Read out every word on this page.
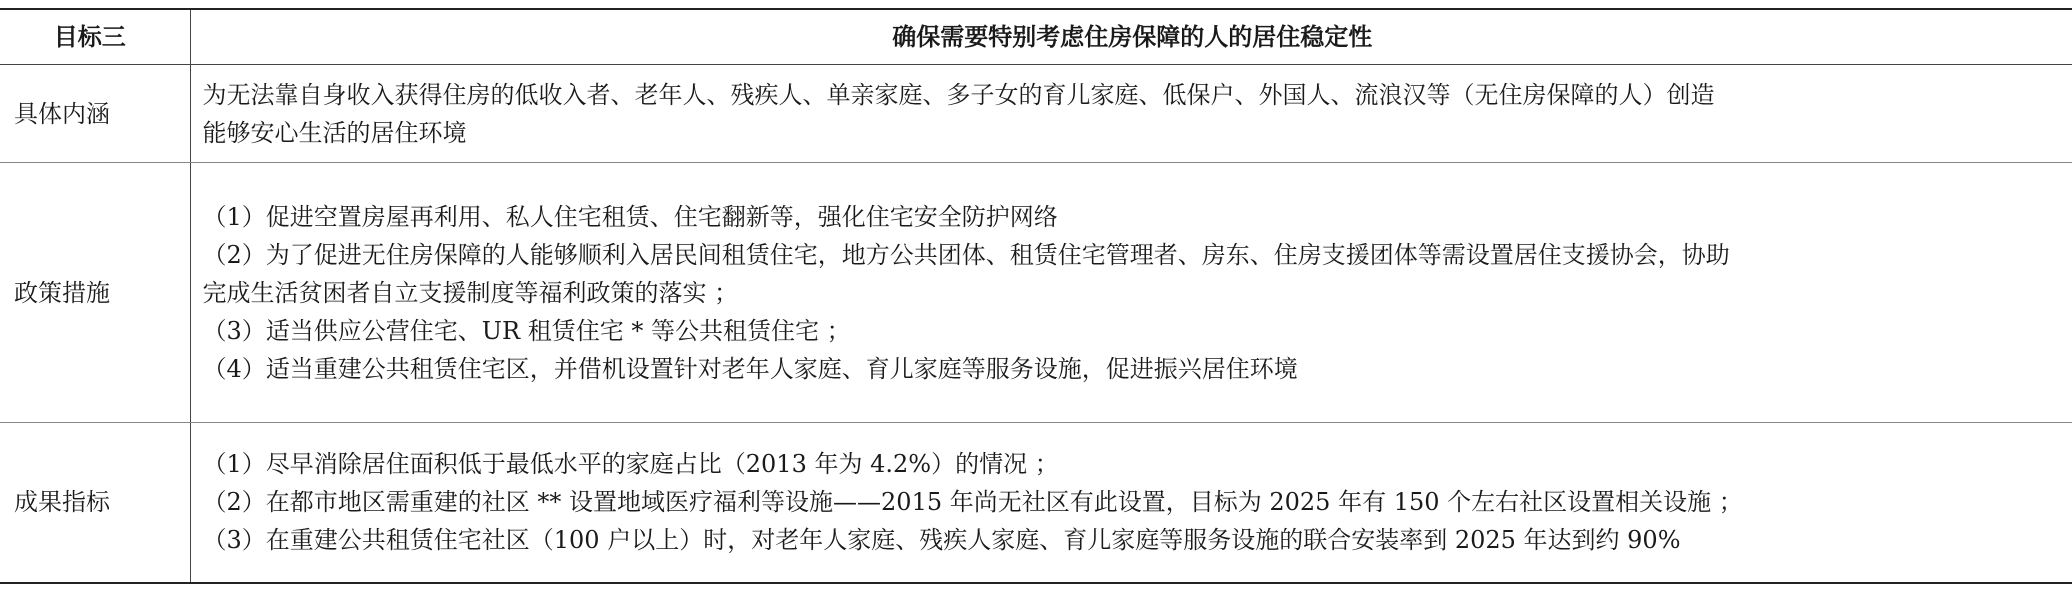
目标三	确保需要特别考虑住房保障的人的居住稳定性
具体内涵	为无法靠自身收入获得住房的低收入者、老年人、残疾人、单亲家庭、多子女的育儿家庭、低保户、外国人、流浪汉等（无住房保障的人）创造
能够安心生活的居住环境

政策措施	（1）促进空置房屋再利用、私人住宅租赁、住宅翻新等，强化住宅安全防护网络
（2）为了促进无住房保障的人能够顺利入居民间租赁住宅，地方公共团体、租赁住宅管理者、房东、住房支援团体等需设置居住支援协会，协助
完成生活贫困者自立支援制度等福利政策的落实 ；
（3）适当供应公营住宅、UR 租赁住宅 * 等公共租赁住宅 ；
（4）适当重建公共租赁住宅区，并借机设置针对老年人家庭、育儿家庭等服务设施，促进振兴居住环境

成果指标	（1）尽早消除居住面积低于最低水平的家庭占比（2013 年为 4.2%）的情况 ；
（2）在都市地区需重建的社区 ** 设置地域医疗福利等设施——2015 年尚无社区有此设置，目标为 2025 年有 150 个左右社区设置相关设施 ；
（3）在重建公共租赁住宅社区（100 户以上）时，对老年人家庭、残疾人家庭、育儿家庭等服务设施的联合安装率到 2025 年达到约 90%
